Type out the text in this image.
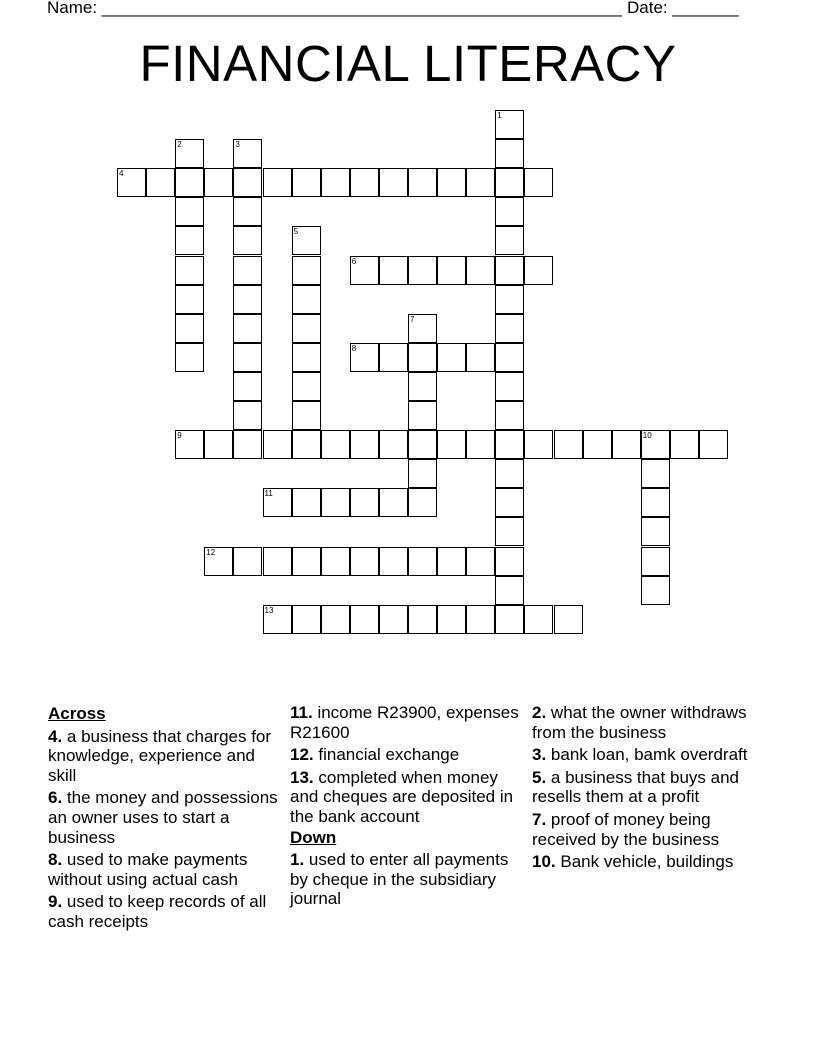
Name: _______________________________________________________ Date: _______
FINANCIAL LITERACY
1
2	3
4
5
6
7
8
9	10
11
12
13
Across
4. a business that charges for knowledge, experience and skill
6. the money and possessions an owner uses to start a business
8. used to make payments without using actual cash
9. used to keep records of all cash receipts
11. income R23900, expenses R21600
12. financial exchange
13. completed when money and cheques are deposited in the bank account
Down
1. used to enter all payments by cheque in the subsidiary journal
2. what the owner withdraws from the business
3. bank loan, bamk overdraft
5. a business that buys and resells them at a profit
7. proof of money being received by the business
10. Bank vehicle, buildings
